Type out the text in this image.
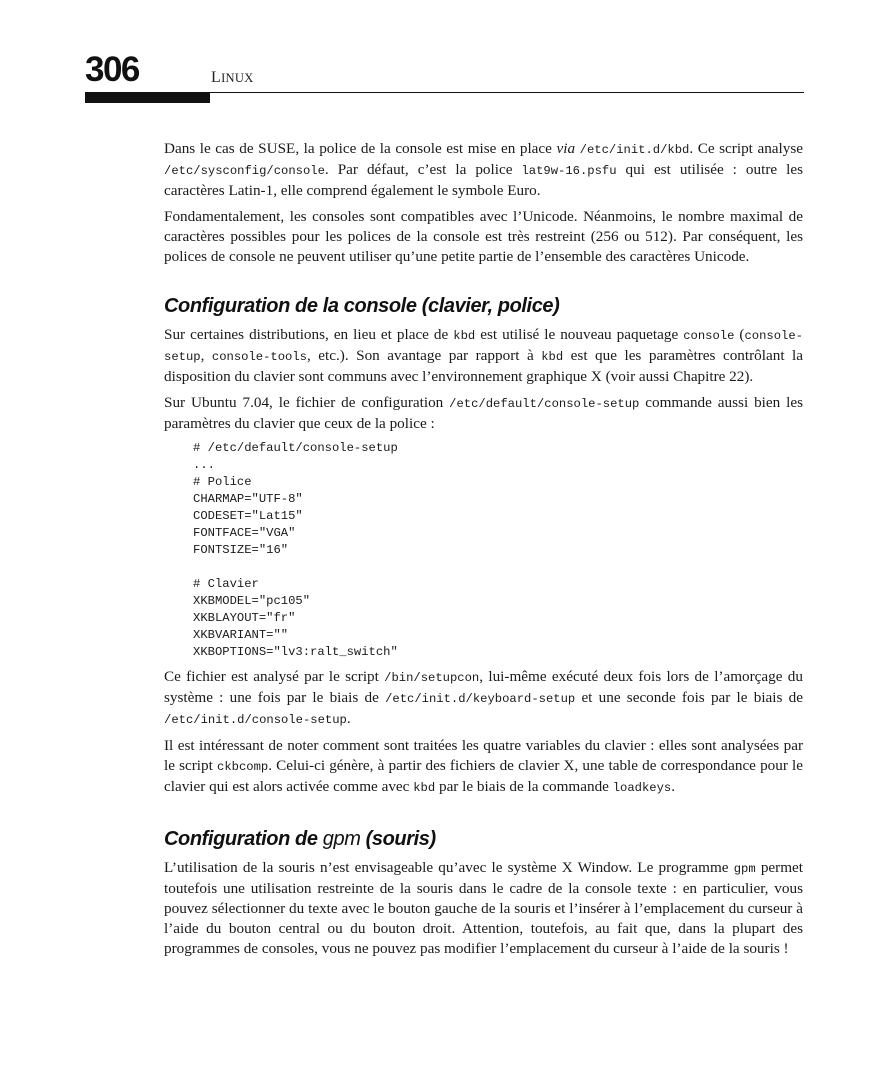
306	LINUX

Dans le cas de SUSE, la police de la console est mise en place via /etc/init.d/kbd. Ce script analyse /etc/sysconfig/console. Par défaut, c’est la police lat9w-16.psfu qui est utilisée : outre les caractères Latin-1, elle comprend également le symbole Euro.

Fondamentalement, les consoles sont compatibles avec l’Unicode. Néanmoins, le nombre maximal de caractères possibles pour les polices de la console est très restreint (256 ou 512). Par conséquent, les polices de console ne peuvent utiliser qu’une petite partie de l’ensemble des caractères Unicode.

Configuration de la console (clavier, police)

Sur certaines distributions, en lieu et place de kbd est utilisé le nouveau paquetage console (console-setup, console-tools, etc.). Son avantage par rapport à kbd est que les paramètres contrôlant la disposition du clavier sont communs avec l’environnement graphique X (voir aussi Chapitre 22).

Sur Ubuntu 7.04, le fichier de configuration /etc/default/console-setup commande aussi bien les paramètres du clavier que ceux de la police :

# /etc/default/console-setup
...
# Police
CHARMAP="UTF-8"
CODESET="Lat15"
FONTFACE="VGA"
FONTSIZE="16"
# Clavier
XKBMODEL="pc105"
XKBLAYOUT="fr"
XKBVARIANT=""
XKBOPTIONS="lv3:ralt_switch"

Ce fichier est analysé par le script /bin/setupcon, lui-même exécuté deux fois lors de l’amorçage du système : une fois par le biais de /etc/init.d/keyboard-setup et une seconde fois par le biais de /etc/init.d/console-setup.

Il est intéressant de noter comment sont traitées les quatre variables du clavier : elles sont analysées par le script ckbcomp. Celui-ci génère, à partir des fichiers de clavier X, une table de correspondance pour le clavier qui est alors activée comme avec kbd par le biais de la commande loadkeys.

Configuration de gpm (souris)

L’utilisation de la souris n’est envisageable qu’avec le système X Window. Le programme gpm permet toutefois une utilisation restreinte de la souris dans le cadre de la console texte : en particulier, vous pouvez sélectionner du texte avec le bouton gauche de la souris et l’insérer à l’emplacement du curseur à l’aide du bouton central ou du bouton droit. Attention, toutefois, au fait que, dans la plupart des programmes de consoles, vous ne pouvez pas modifier l’emplacement du curseur à l’aide de la souris !
